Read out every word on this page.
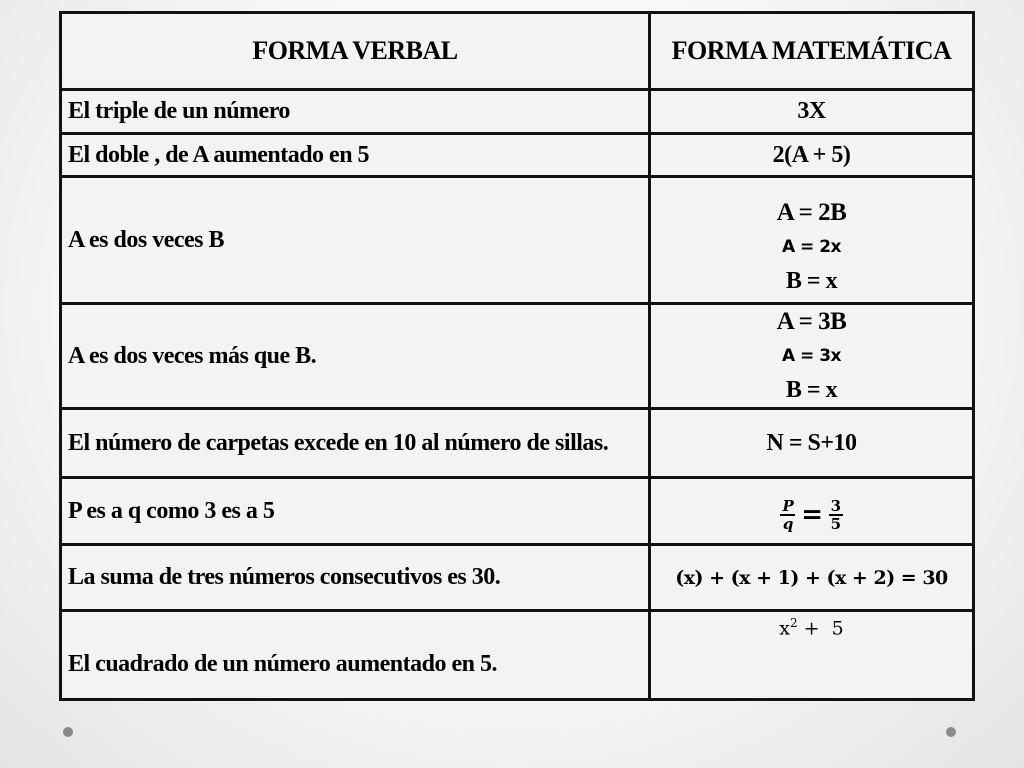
FORMA VERBAL	FORMA MATEMÁTICA
El triple de un número	3X
El doble , de A aumentado en 5	2(A + 5)
A es dos veces B	A = 2B
A = 2x
B = x

A es dos veces más que B.	A = 3B
A = 3x
B = x

El número de carpetas excede en 10 al número de sillas.	N = S+10
P es a q como 3 es a 5	$\frac{P}{q} = \frac{3}{5}$

La suma de tres números consecutivos es 30.	(x) + (x + 1) + (x + 2) = 30
El cuadrado de un número aumentado en 5.	$x^2 + 5$
